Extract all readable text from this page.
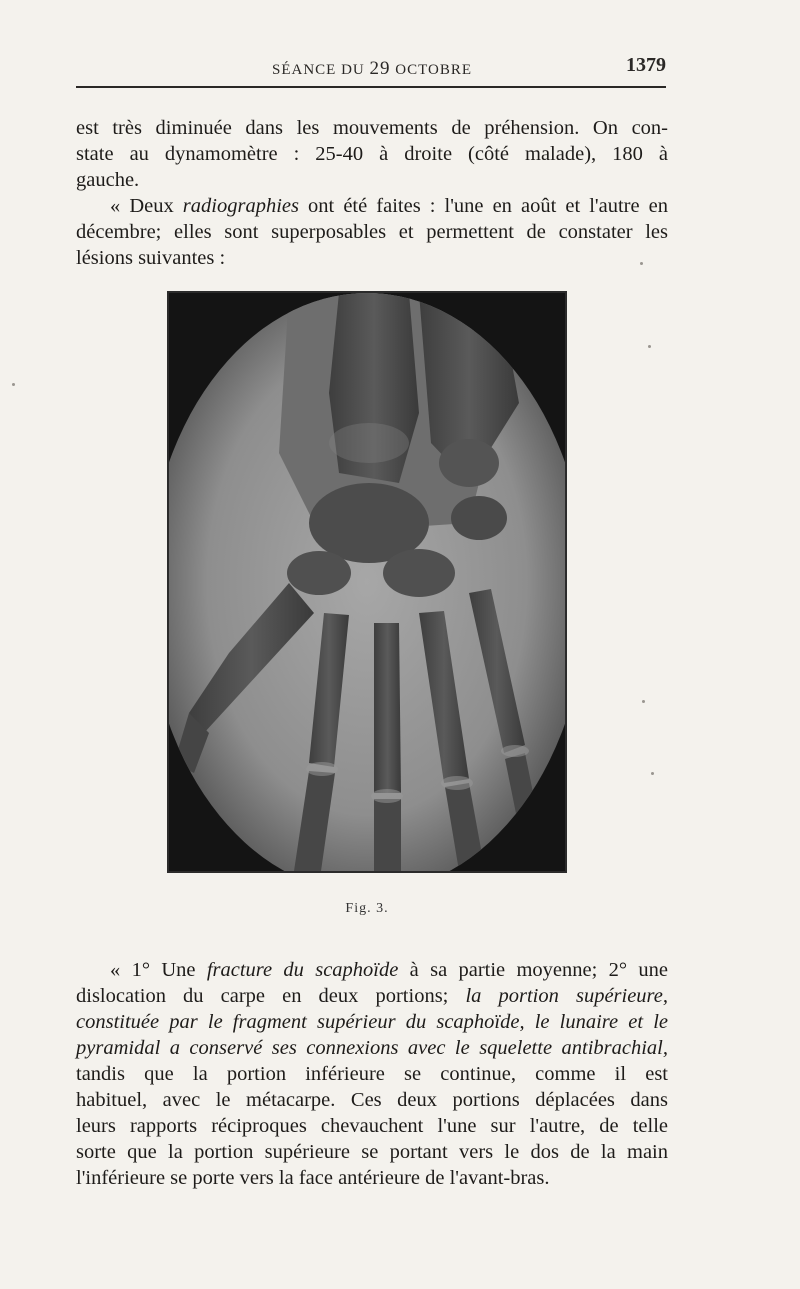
SÉANCE DU 29 OCTOBRE	1379
est très diminuée dans les mouvements de préhension. On con-
state au dynamomètre : 25-40 à droite (côté malade), 180 à
gauche.
« Deux radiographies ont été faites : l'une en août et l'autre en
décembre; elles sont superposables et permettent de constater les
lésions suivantes :
Fig. 3.
« 1° Une fracture du scaphoïde à sa partie moyenne; 2° une
dislocation du carpe en deux portions; la portion supérieure,
constituée par le fragment supérieur du scaphoïde, le lunaire et le
pyramidal a conservé ses connexions avec le squelette antibrachial,
tandis que la portion inférieure se continue, comme il est
habituel, avec le métacarpe. Ces deux portions déplacées dans
leurs rapports réciproques chevauchent l'une sur l'autre, de telle
sorte que la portion supérieure se portant vers le dos de la main
l'inférieure se porte vers la face antérieure de l'avant-bras.
